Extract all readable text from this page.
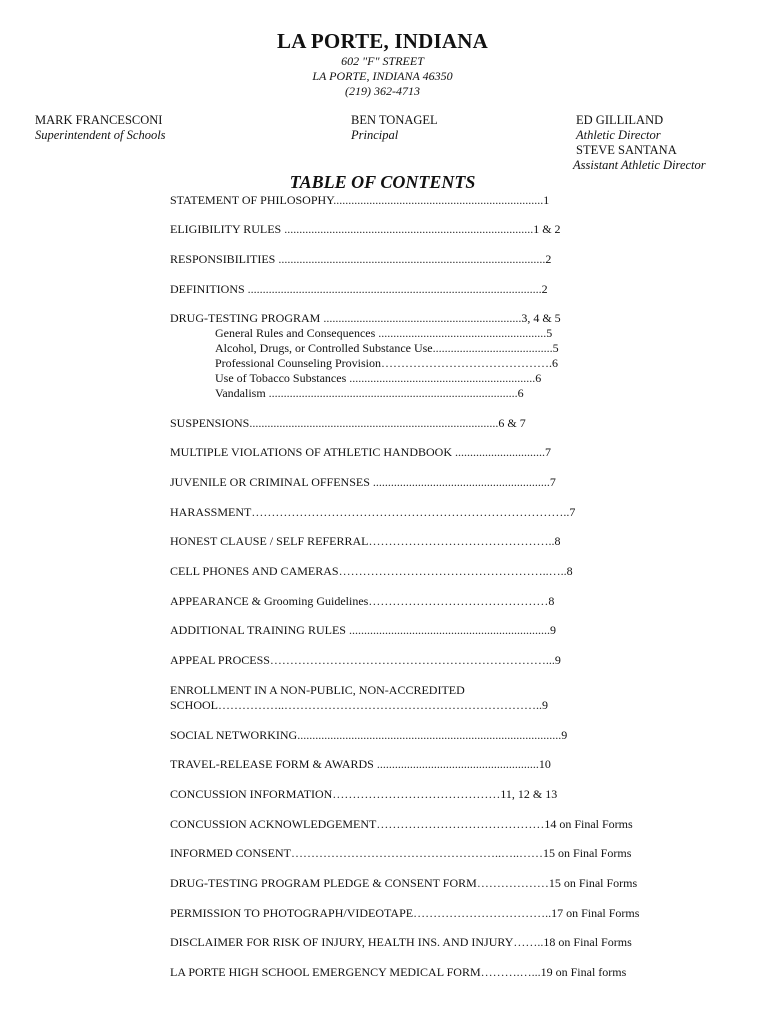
LA PORTE, INDIANA
602 "F" STREET
LA PORTE, INDIANA 46350
(219) 362-4713
MARK FRANCESCONI
Superintendent of Schools
BEN TONAGEL
Principal
ED GILLILAND
Athletic Director
STEVE SANTANA
Assistant Athletic Director
TABLE OF CONTENTS
STATEMENT OF PHILOSOPHY......................................................................1
ELIGIBILITY RULES ...................................................................................1 & 2
RESPONSIBILITIES .........................................................................................2
DEFINITIONS ..................................................................................................2
DRUG-TESTING PROGRAM ..................................................................3, 4 & 5
General Rules and Consequences ........................................................5
Alcohol, Drugs, or Controlled Substance Use........................................5
Professional Counseling Provision…………………………………….6
Use of Tobacco Substances ..............................................................6
Vandalism ...................................................................................6
SUSPENSIONS...................................................................................6 & 7
MULTIPLE VIOLATIONS OF ATHLETIC HANDBOOK ..............................7
JUVENILE OR CRIMINAL OFFENSES ...........................................................7
HARASSMENT……………………………………………………………………..7
HONEST CLAUSE / SELF REFERRAL………………………………………..8
CELL PHONES AND CAMERAS……………………………………………..…..8
APPEARANCE & Grooming Guidelines………………………………………8
ADDITIONAL TRAINING RULES ...................................................................9
APPEAL PROCESS……………………………………………………………...9
ENROLLMENT IN A NON-PUBLIC, NON-ACCREDITED
SCHOOL……………..………………………………………………………..9
SOCIAL NETWORKING........................................................................................9
TRAVEL-RELEASE FORM & AWARDS ......................................................10
CONCUSSION INFORMATION……………………………………11, 12 & 13
CONCUSSION ACKNOWLEDGEMENT……………………………………14 on Final Forms
INFORMED CONSENT……………………………………………..…..……15 on Final Forms
DRUG-TESTING PROGRAM PLEDGE & CONSENT FORM………………15 on Final Forms
PERMISSION TO PHOTOGRAPH/VIDEOTAPE……………………………..17 on Final Forms
DISCLAIMER FOR RISK OF INJURY, HEALTH INS. AND INJURY……..18 on Final Forms
LA PORTE HIGH SCHOOL EMERGENCY MEDICAL FORM……….…...19 on Final forms
